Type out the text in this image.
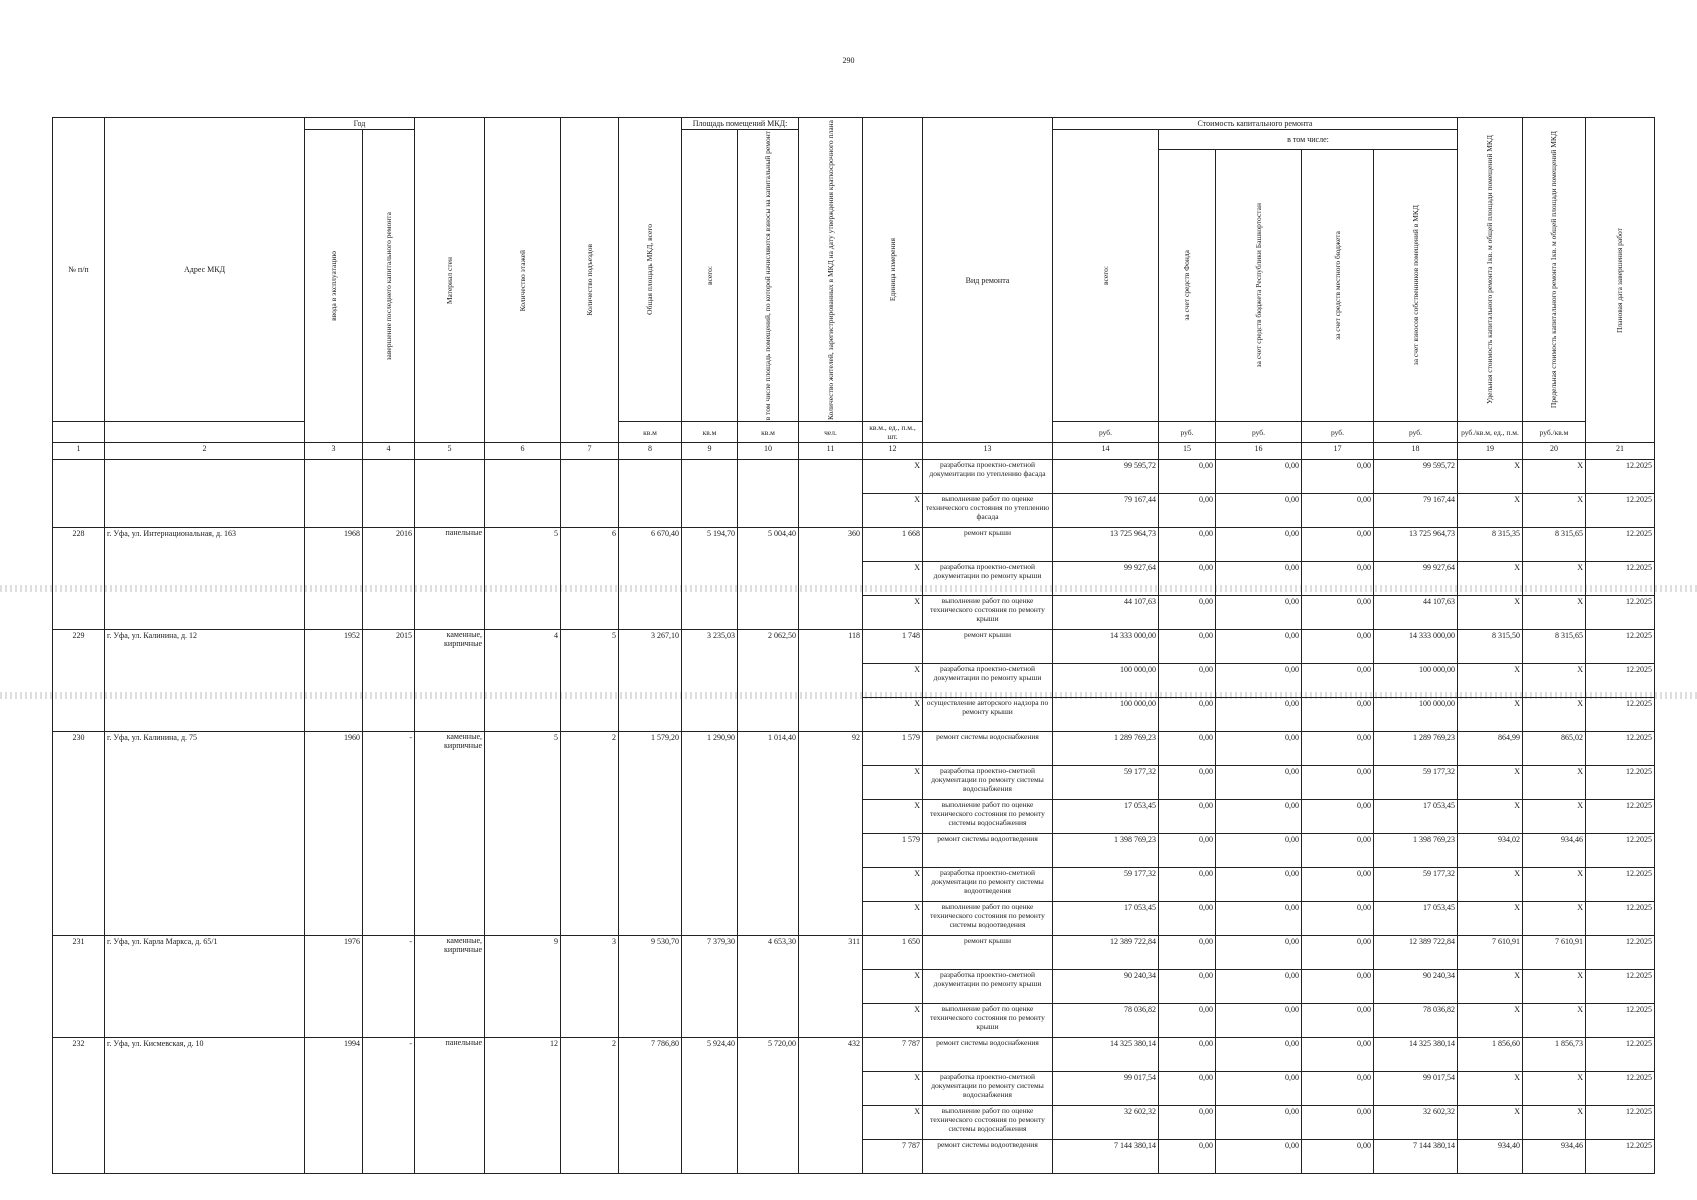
290
№ п/п	Адрес МКД	Год		Материал стен	Количество этажей	Количество подъездов	Общая площадь МКД, всего	Площадь помещений МКД:		Количество жителей, зарегистрированных в МКД на дату утверждения краткосрочного плана	Единица измерения	Вид ремонта	Стоимость капитального ремонта					Удельная стоимость капитального ремонта 1кв. м общей площади помещений МКД	Предельная стоимость капитального ремонта 1кв. м общей площади помещений МКД	Плановая дата завершения работ

		ввода в эксплуатацию	завершение последнего капитального ремонта					всего:	в том числе площадь помещений, по которой начисляются взносы на капитальный ремонт				всего:	в том числе:						

														за счет средств Фонда	за счет средств бюджета Республики Башкортостан	за счет средств местного бюджета	за счет взносов собственников помещений в МКД			

							кв.м	кв.м	кв.м	чел.	кв.м., ед., п.м., шт.		руб.	руб.	руб.	руб.	руб.	руб./кв.м, ед., п.м.	руб./кв.м	
1	2	3	4	5	6	7	8	9	10	11	12	13	14	15	16	17	18	19	20	21
											X	разработка проектно-сметной документации по утеплению фасада	99 595,72	0,00	0,00	0,00	99 595,72	X	X	12.2025
											X	выполнение работ по оценке технического состояния по утеплению фасада	79 167,44	0,00	0,00	0,00	79 167,44	X	X	12.2025
228	г. Уфа, ул. Интернациональная, д. 163	1968	2016	панельные	5	6	6 670,40	5 194,70	5 004,40	360	1 668	ремонт крыши	13 725 964,73	0,00	0,00	0,00	13 725 964,73	8 315,35	8 315,65	12.2025
											X	разработка проектно-сметной документации по ремонту крыши	99 927,64	0,00	0,00	0,00	99 927,64	X	X	12.2025
											X	выполнение работ по оценке технического состояния по ремонту крыши	44 107,63	0,00	0,00	0,00	44 107,63	X	X	12.2025
229	г. Уфа, ул. Калинина, д. 12	1952	2015	каменные, кирпичные	4	5	3 267,10	3 235,03	2 062,50	118	1 748	ремонт крыши	14 333 000,00	0,00	0,00	0,00	14 333 000,00	8 315,50	8 315,65	12.2025
											X	разработка проектно-сметной документации по ремонту крыши	100 000,00	0,00	0,00	0,00	100 000,00	X	X	12.2025
											X	осуществление авторского надзора по ремонту крыши	100 000,00	0,00	0,00	0,00	100 000,00	X	X	12.2025
230	г. Уфа, ул. Калинина, д. 75	1960	-	каменные, кирпичные	5	2	1 579,20	1 290,90	1 014,40	92	1 579	ремонт системы водоснабжения	1 289 769,23	0,00	0,00	0,00	1 289 769,23	864,99	865,02	12.2025
											X	разработка проектно-сметной документации по ремонту системы водоснабжения	59 177,32	0,00	0,00	0,00	59 177,32	X	X	12.2025
											X	выполнение работ по оценке технического состояния по ремонту системы водоснабжения	17 053,45	0,00	0,00	0,00	17 053,45	X	X	12.2025
											1 579	ремонт системы водоотведения	1 398 769,23	0,00	0,00	0,00	1 398 769,23	934,02	934,46	12.2025
											X	разработка проектно-сметной документации по ремонту системы водоотведения	59 177,32	0,00	0,00	0,00	59 177,32	X	X	12.2025
											X	выполнение работ по оценке технического состояния по ремонту системы водоотведения	17 053,45	0,00	0,00	0,00	17 053,45	X	X	12.2025
231	г. Уфа, ул. Карла Маркса, д. 65/1	1976	-	каменные, кирпичные	9	3	9 530,70	7 379,30	4 653,30	311	1 650	ремонт крыши	12 389 722,84	0,00	0,00	0,00	12 389 722,84	7 610,91	7 610,91	12.2025
											X	разработка проектно-сметной документации по ремонту крыши	90 240,34	0,00	0,00	0,00	90 240,34	X	X	12.2025
											X	выполнение работ по оценке технического состояния по ремонту крыши	78 036,82	0,00	0,00	0,00	78 036,82	X	X	12.2025
232	г. Уфа, ул. Кисмевская, д. 10	1994	-	панельные	12	2	7 786,80	5 924,40	5 720,00	432	7 787	ремонт системы водоснабжения	14 325 380,14	0,00	0,00	0,00	14 325 380,14	1 856,60	1 856,73	12.2025
											X	разработка проектно-сметной документации по ремонту системы водоснабжения	99 017,54	0,00	0,00	0,00	99 017,54	X	X	12.2025
											X	выполнение работ по оценке технического состояния по ремонту системы водоснабжения	32 602,32	0,00	0,00	0,00	32 602,32	X	X	12.2025
											7 787	ремонт системы водоотведения	7 144 380,14	0,00	0,00	0,00	7 144 380,14	934,40	934,46	12.2025
